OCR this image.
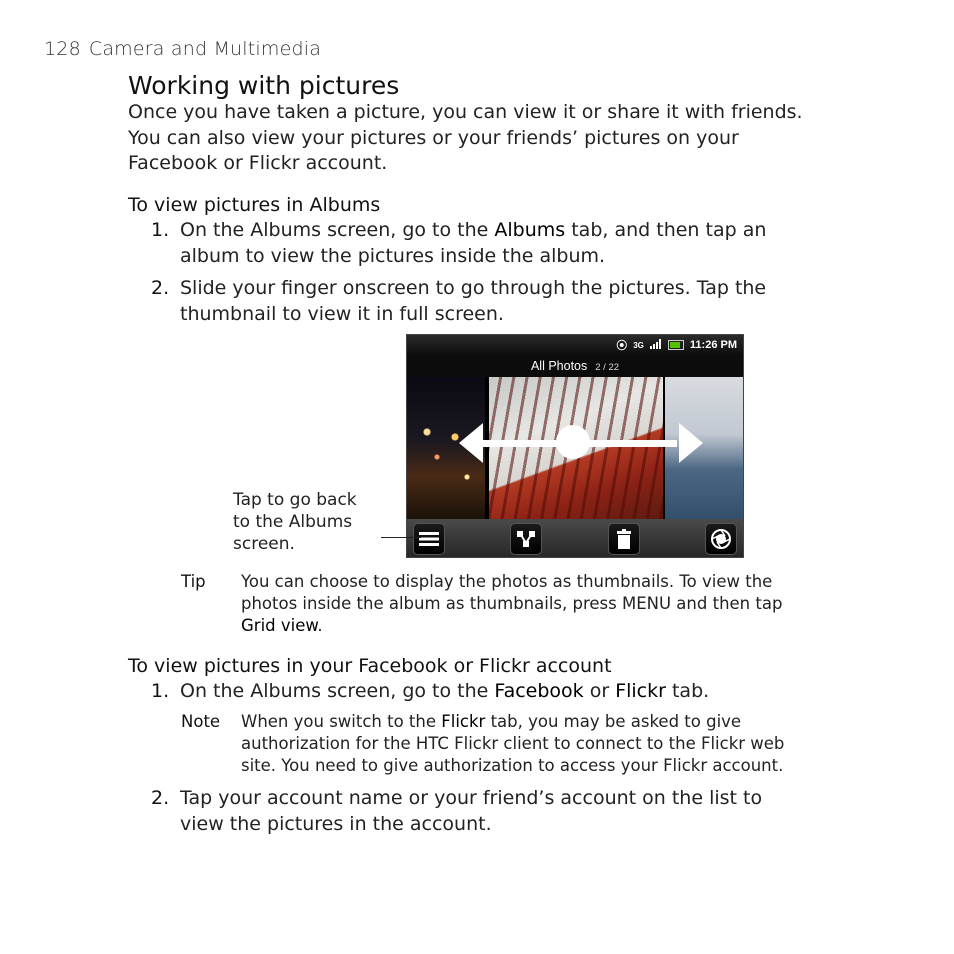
128 Camera and Multimedia
Working with pictures
Once you have taken a picture, you can view it or share it with friends.
You can also view your pictures or your friends’ pictures on your
Facebook or Flickr account.
To view pictures in Albums
1. On the Albums screen, go to the Albums tab, and then tap an
album to view the pictures inside the album.
2. Slide your finger onscreen to go through the pictures. Tap the
thumbnail to view it in full screen.
⦿ 3G	11:26 PM
All Photos 2 / 22
Tap to go back
to the Albums
screen.
Tip You can choose to display the photos as thumbnails. To view the
photos inside the album as thumbnails, press MENU and then tap
Grid view.
To view pictures in your Facebook or Flickr account
1. On the Albums screen, go to the Facebook or Flickr tab.
Note When you switch to the Flickr tab, you may be asked to give
authorization for the HTC Flickr client to connect to the Flickr web
site. You need to give authorization to access your Flickr account.
2. Tap your account name or your friend’s account on the list to
view the pictures in the account.
